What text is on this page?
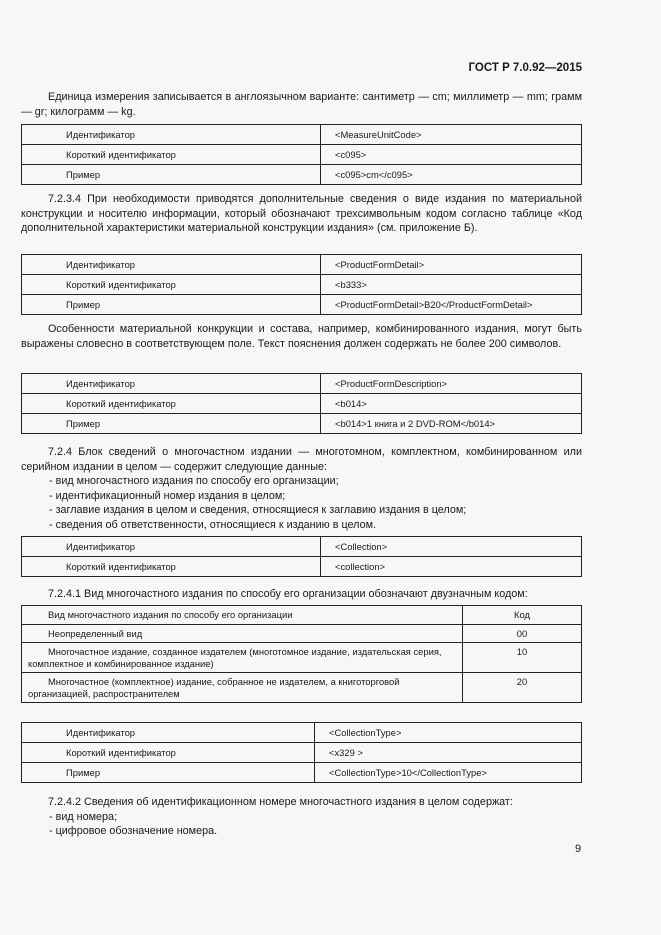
ГОСТ Р 7.0.92—2015

Единица измерения записывается в англоязычном варианте: сантиметр — cm; миллиметр — mm; грамм — gr; килограмм — kg.

Идентификатор	<MeasureUnitCode>
Короткий идентификатор	<c095>
Пример	<c095>cm</c095>

7.2.3.4 При необходимости приводятся дополнительные сведения о виде издания по материальной конструкции и носителю информации, который обозначают трехсимвольным кодом согласно таблице «Код дополнительной характеристики материальной конструкции издания» (см. приложение Б).

Идентификатор	<ProductFormDetail>
Короткий идентификатор	<b333>
Пример	<ProductFormDetail>B20</ProductFormDetail>

Особенности материальной конкрукции и состава, например, комбинированного издания, могут быть выражены словесно в соответствующем поле. Текст пояснения должен содержать не более 200 символов.

Идентификатор	<ProductFormDescription>
Короткий идентификатор	<b014>
Пример	<b014>1 книга и 2 DVD-ROM</b014>

7.2.4 Блок сведений о многочастном издании — многотомном, комплектном, комбинированном или серийном издании в целом — содержит следующие данные:

- вид многочастного издания по способу его организации;

- идентификационный номер издания в целом;

- заглавие издания в целом и сведения, относящиеся к заглавию издания в целом;

- сведения об ответственности, относящиеся к изданию в целом.

Идентификатор	<Collection>
Короткий идентификатор	<collection>

7.2.4.1 Вид многочастного издания по способу его организации обозначают двузначным кодом:

Вид многочастного издания по способу его организации	Код
Неопределенный вид	00
Многочастное издание, созданное издателем (многотомное издание, издательская серия, комплектное и комбинированное издание)	10
Многочастное (комплектное) издание, собранное не издателем, а книготорговой организацией, распространителем	20
Идентификатор	<CollectionType>
Короткий идентификатор	<x329 >
Пример	<CollectionType>10</CollectionType>

7.2.4.2 Сведения об идентификационном номере многочастного издания в целом содержат:

- вид номера;

- цифровое обозначение номера.

9
